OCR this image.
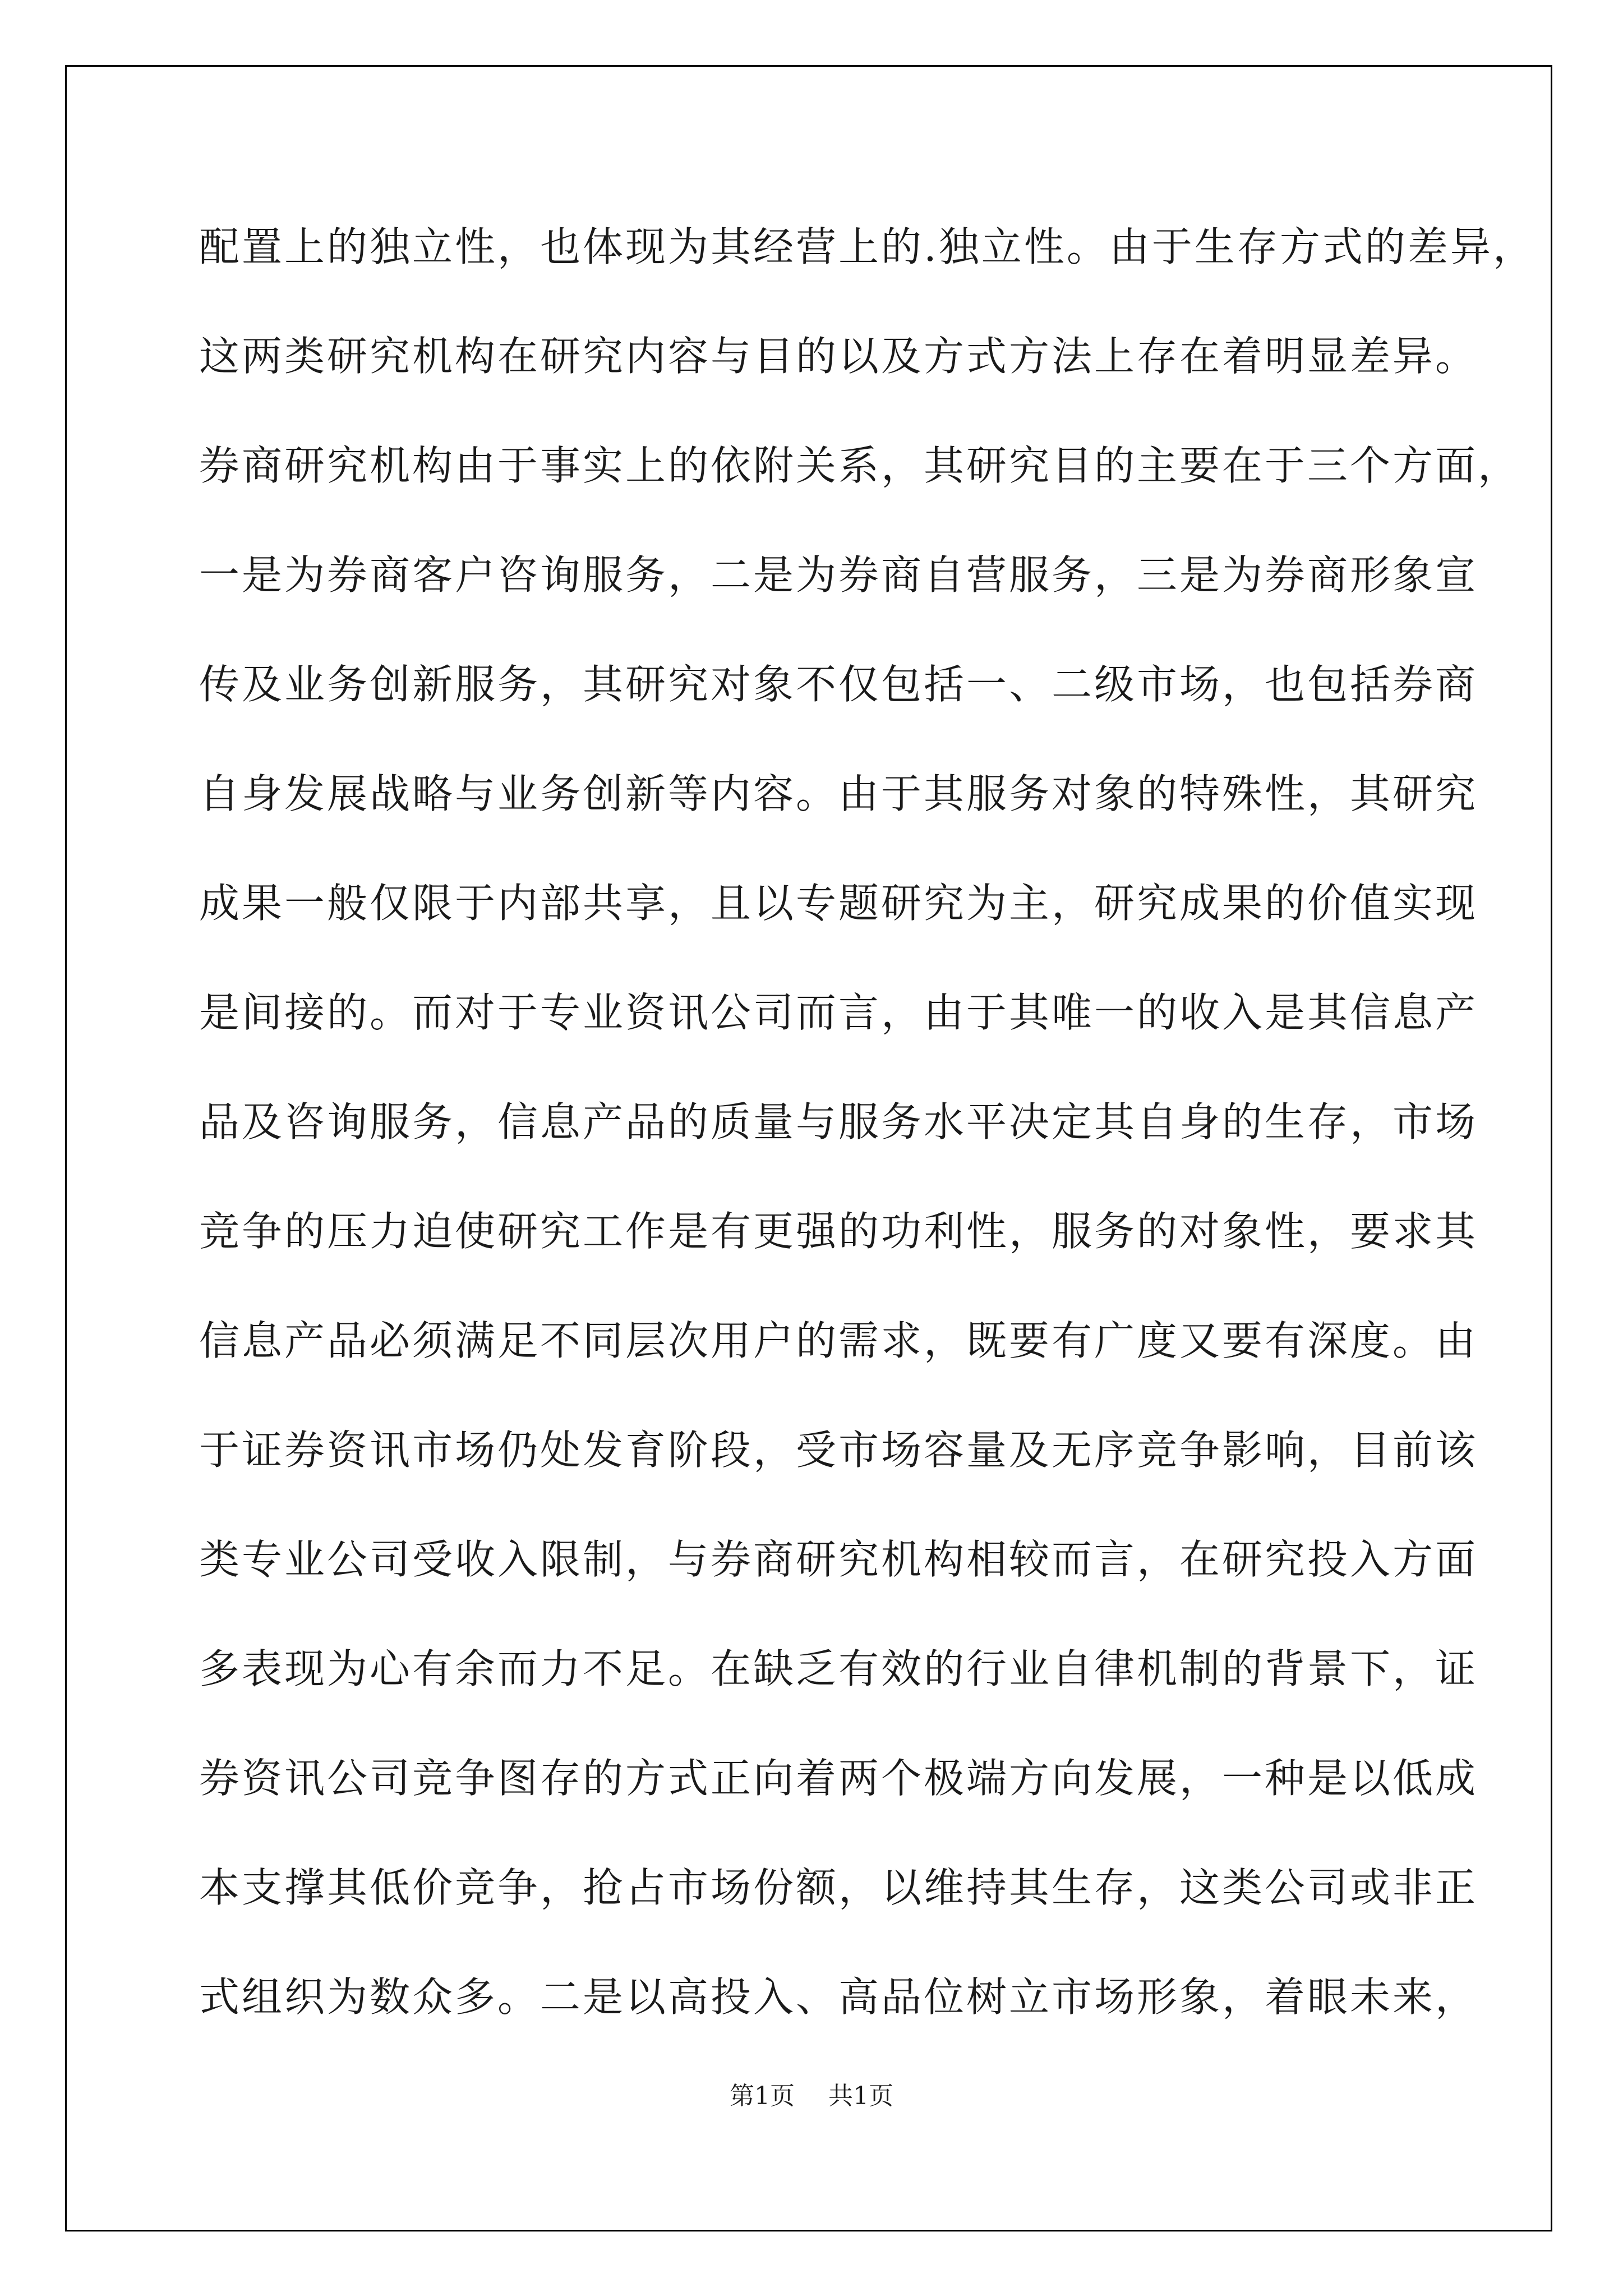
配置上的独立性，也体现为其经营上的.独立性。由于生存方式的差异，
这两类研究机构在研究内容与目的以及方式方法上存在着明显差异。
券商研究机构由于事实上的依附关系，其研究目的主要在于三个方面，
一是为券商客户咨询服务，二是为券商自营服务，三是为券商形象宣
传及业务创新服务，其研究对象不仅包括一、二级市场，也包括券商
自身发展战略与业务创新等内容。由于其服务对象的特殊性，其研究
成果一般仅限于内部共享，且以专题研究为主，研究成果的价值实现
是间接的。而对于专业资讯公司而言，由于其唯一的收入是其信息产
品及咨询服务，信息产品的质量与服务水平决定其自身的生存，市场
竞争的压力迫使研究工作是有更强的功利性，服务的对象性，要求其
信息产品必须满足不同层次用户的需求，既要有广度又要有深度。由
于证券资讯市场仍处发育阶段，受市场容量及无序竞争影响，目前该
类专业公司受收入限制，与券商研究机构相较而言，在研究投入方面
多表现为心有余而力不足。在缺乏有效的行业自律机制的背景下，证
券资讯公司竞争图存的方式正向着两个极端方向发展，一种是以低成
本支撑其低价竞争，抢占市场份额，以维持其生存，这类公司或非正
式组织为数众多。二是以高投入、高品位树立市场形象，着眼未来，
第1页 共1页
